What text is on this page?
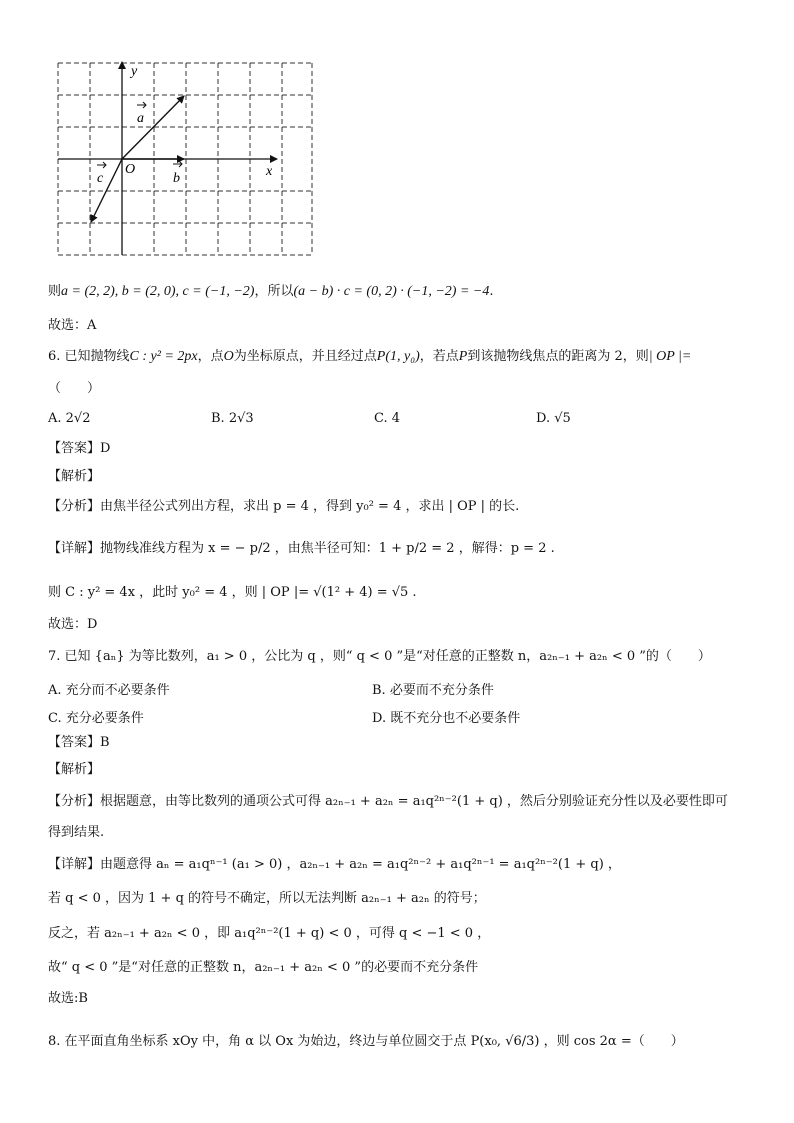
y
x
O
a
b
c
则a = (2, 2), b = (2, 0), c = (−1, −2)，所以(a − b) · c = (0, 2) · (−1, −2) = −4.
故选：A
6. 已知抛物线C : y² = 2px，点O为坐标原点，并且经过点P(1, y₀)，若点P到该抛物线焦点的距离为 2，则| OP |=
（　　）
A. 2√2	B. 2√3	C. 4	D. √5
【答案】D
【解析】
【分析】由焦半径公式列出方程，求出 p = 4 ，得到 y₀² = 4 ，求出 | OP | 的长.
【详解】抛物线准线方程为 x = − p/2 ，由焦半径可知：1 + p/2 = 2 ，解得：p = 2 .
则 C : y² = 4x ，此时 y₀² = 4 ，则 | OP |= √(1² + 4) = √5 .
故选：D
7. 已知 {aₙ} 为等比数列，a₁ > 0 ，公比为 q ，则“ q < 0 ”是“对任意的正整数 n，a₂ₙ₋₁ + a₂ₙ < 0 ”的（　　）
A. 充分而不必要条件	B. 必要而不充分条件
C. 充分必要条件	D. 既不充分也不必要条件
【答案】B
【解析】
【分析】根据题意，由等比数列的通项公式可得 a₂ₙ₋₁ + a₂ₙ = a₁q²ⁿ⁻²(1 + q) ，然后分别验证充分性以及必要性即可
得到结果.
【详解】由题意得 aₙ = a₁qⁿ⁻¹ (a₁ > 0) ，a₂ₙ₋₁ + a₂ₙ = a₁q²ⁿ⁻² + a₁q²ⁿ⁻¹ = a₁q²ⁿ⁻²(1 + q) ，
若 q < 0 ，因为 1 + q 的符号不确定，所以无法判断 a₂ₙ₋₁ + a₂ₙ 的符号；
反之，若 a₂ₙ₋₁ + a₂ₙ < 0 ，即 a₁q²ⁿ⁻²(1 + q) < 0 ，可得 q < −1 < 0 ，
故“ q < 0 ”是“对任意的正整数 n，a₂ₙ₋₁ + a₂ₙ < 0 ”的必要而不充分条件
故选:B
8. 在平面直角坐标系 xOy 中，角 α 以 Ox 为始边，终边与单位圆交于点 P(x₀, √6/3) ，则 cos 2α =（　　）
